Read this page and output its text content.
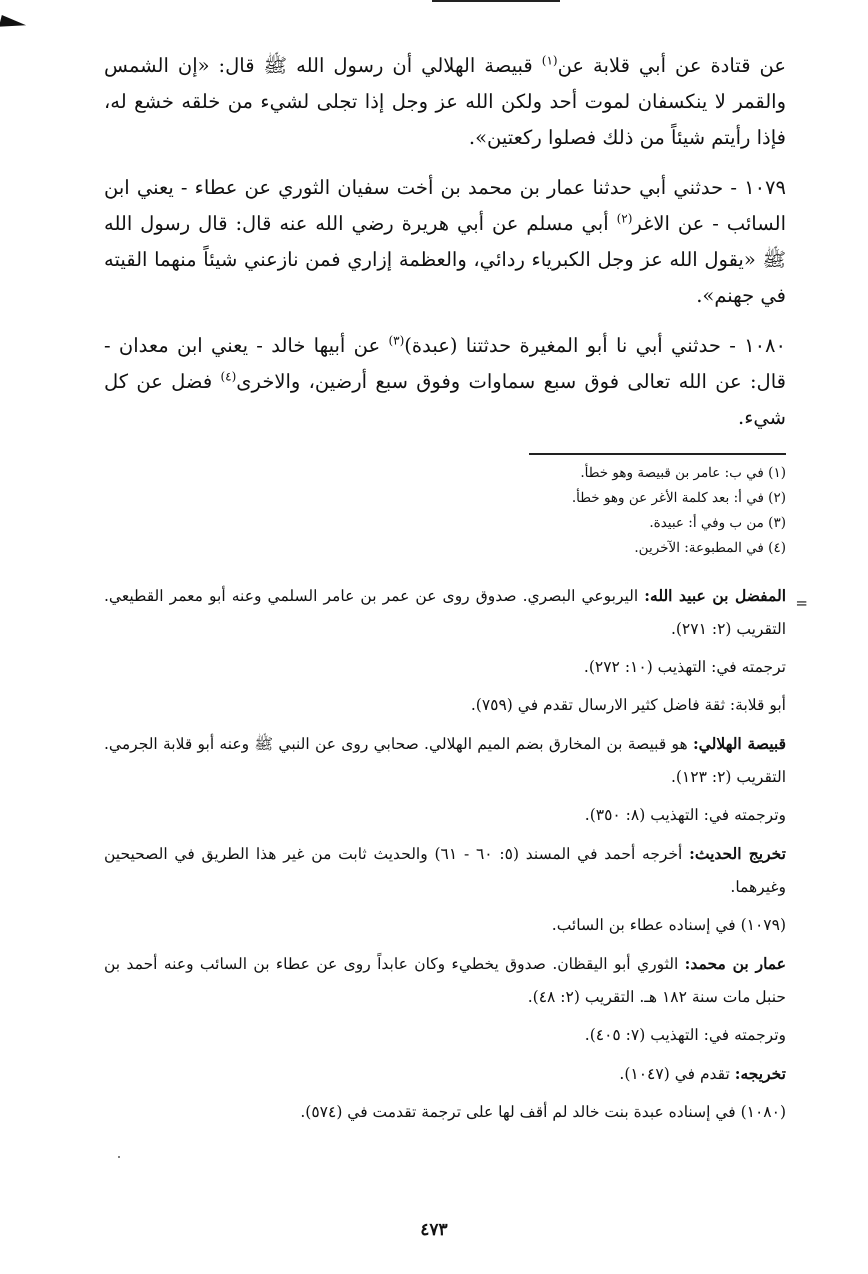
عن قتادة عن أبي قلابة عن$^{(١)}$ قبيصة الهلالي أن رسول الله ﷺ قال: «إن الشمس والقمر لا ينكسفان لموت أحد ولكن الله عز وجل إذا تجلى لشيء من خلقه خشع له، فإذا رأيتم شيئاً من ذلك فصلوا ركعتين».

١٠٧٩ - حدثني أبي حدثنا عمار بن محمد بن أخت سفيان الثوري عن عطاء - يعني ابن السائب - عن الاغر$^{(٢)}$ أبي مسلم عن أبي هريرة رضي الله عنه قال: قال رسول الله ﷺ «يقول الله عز وجل الكبرياء ردائي، والعظمة إزاري فمن نازعني شيئاً منهما القيته في جهنم».

١٠٨٠ - حدثني أبي نا أبو المغيرة حدثتنا (عبدة)$^{(٣)}$ عن أبيها خالد - يعني ابن معدان - قال: عن الله تعالى فوق سبع سماوات وفوق سبع أرضين، والاخرى$^{(٤)}$ فضل عن كل شيء.

(١) في ب: عامر بن قبيصة وهو خطأ.
(٢) في أ: بعد كلمة الأغر عن وهو خطأ.
(٣) من ب وفي أ: عبيدة.
(٤) في المطبوعة: الآخرين.
=

المفضل بن عبيد الله: اليربوعي البصري. صدوق روى عن عمر بن عامر السلمي وعنه أبو معمر القطيعي. التقريب (٢: ٢٧١).

ترجمته في: التهذيب (١٠: ٢٧٢).

أبو قلابة: ثقة فاضل كثير الارسال تقدم في (٧٥٩).

قبيصة الهلالي: هو قبيصة بن المخارق بضم الميم الهلالي. صحابي روى عن النبي ﷺ وعنه أبو قلابة الجرمي. التقريب (٢: ١٢٣).

وترجمته في: التهذيب (٨: ٣٥٠).

تخريج الحديث: أخرجه أحمد في المسند (٥: ٦٠ - ٦١) والحديث ثابت من غير هذا الطريق في الصحيحين وغيرهما.

(١٠٧٩) في إسناده عطاء بن السائب.

عمار بن محمد: الثوري أبو اليقظان. صدوق يخطيء وكان عابداً روى عن عطاء بن السائب وعنه أحمد بن حنبل مات سنة ١٨٢ هـ. التقريب (٢: ٤٨).

وترجمته في: التهذيب (٧: ٤٠٥).

تخريجه: تقدم في (١٠٤٧).

(١٠٨٠) في إسناده عبدة بنت خالد لم أقف لها على ترجمة تقدمت في (٥٧٤).

٤٧٣
